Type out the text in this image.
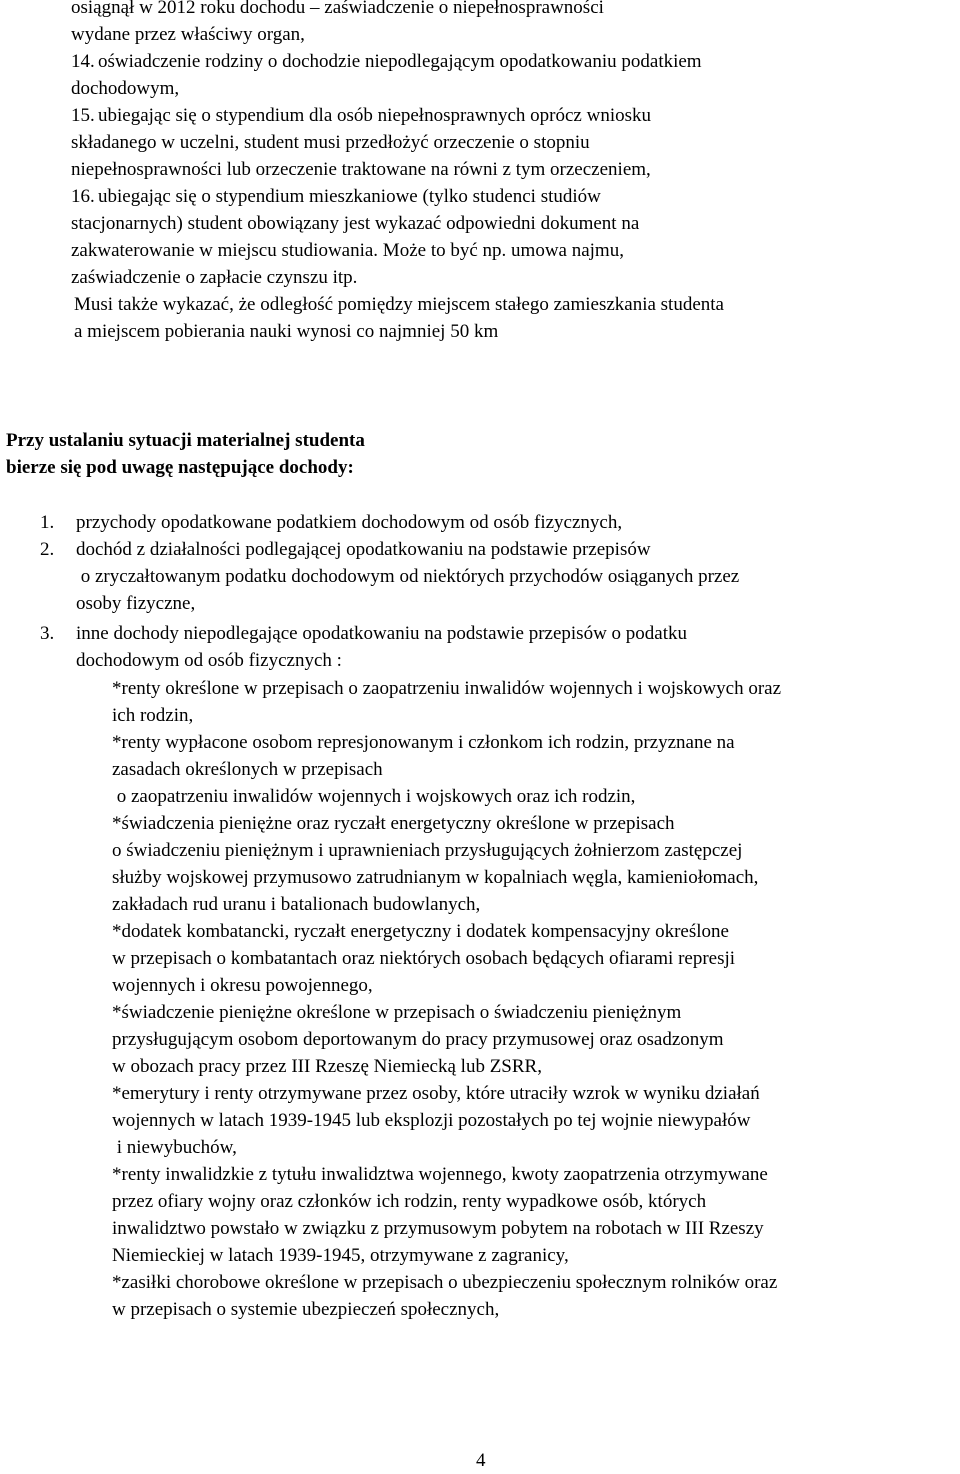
osiągnął w 2012 roku dochodu – zaświadczenie o niepełnosprawności
wydane przez właściwy organ,
14. oświadczenie rodziny o dochodzie niepodlegającym opodatkowaniu podatkiem
dochodowym,
15. ubiegając się o stypendium dla osób niepełnosprawnych oprócz wniosku
składanego w uczelni, student musi przedłożyć orzeczenie o stopniu
niepełnosprawności lub orzeczenie traktowane na równi z tym orzeczeniem,
16. ubiegając się o stypendium mieszkaniowe (tylko studenci studiów
stacjonarnych) student obowiązany jest wykazać odpowiedni dokument na
zakwaterowanie w miejscu studiowania. Może to być np. umowa najmu,
zaświadczenie o zapłacie czynszu itp.
Musi także wykazać, że odległość pomiędzy miejscem stałego zamieszkania studenta
a miejscem pobierania nauki wynosi co najmniej 50 km
Przy ustalaniu sytuacji materialnej studenta
bierze się pod uwagę następujące dochody:
1. przychody opodatkowane podatkiem dochodowym od osób fizycznych,
2. dochód z działalności podlegającej opodatkowaniu na podstawie przepisów
o zryczałtowanym podatku dochodowym od niektórych przychodów osiąganych przez
osoby fizyczne,
3. inne dochody niepodlegające opodatkowaniu na podstawie przepisów o podatku
dochodowym od osób fizycznych :
*renty określone w przepisach o zaopatrzeniu inwalidów wojennych i wojskowych oraz
ich rodzin,
*renty wypłacone osobom represjonowanym i członkom ich rodzin, przyznane na
zasadach określonych w przepisach
o zaopatrzeniu inwalidów wojennych i wojskowych oraz ich rodzin,
*świadczenia pieniężne oraz ryczałt energetyczny określone w przepisach
o świadczeniu pieniężnym i uprawnieniach przysługujących żołnierzom zastępczej
służby wojskowej przymusowo zatrudnianym w kopalniach węgla, kamieniołomach,
zakładach rud uranu i batalionach budowlanych,
*dodatek kombatancki, ryczałt energetyczny i dodatek kompensacyjny określone
w przepisach o kombatantach oraz niektórych osobach będących ofiarami represji
wojennych i okresu powojennego,
*świadczenie pieniężne określone w przepisach o świadczeniu pieniężnym
przysługującym osobom deportowanym do pracy przymusowej oraz osadzonym
w obozach pracy przez III Rzeszę Niemiecką lub ZSRR,
*emerytury i renty otrzymywane przez osoby, które utraciły wzrok w wyniku działań
wojennych w latach 1939-1945 lub eksplozji pozostałych po tej wojnie niewypałów
i niewybuchów,
*renty inwalidzkie z tytułu inwalidztwa wojennego, kwoty zaopatrzenia otrzymywane
przez ofiary wojny oraz członków ich rodzin, renty wypadkowe osób, których
inwalidztwo powstało w związku z przymusowym pobytem na robotach w III Rzeszy
Niemieckiej w latach 1939-1945, otrzymywane z zagranicy,
*zasiłki chorobowe określone w przepisach o ubezpieczeniu społecznym rolników oraz
w przepisach o systemie ubezpieczeń społecznych,
4
